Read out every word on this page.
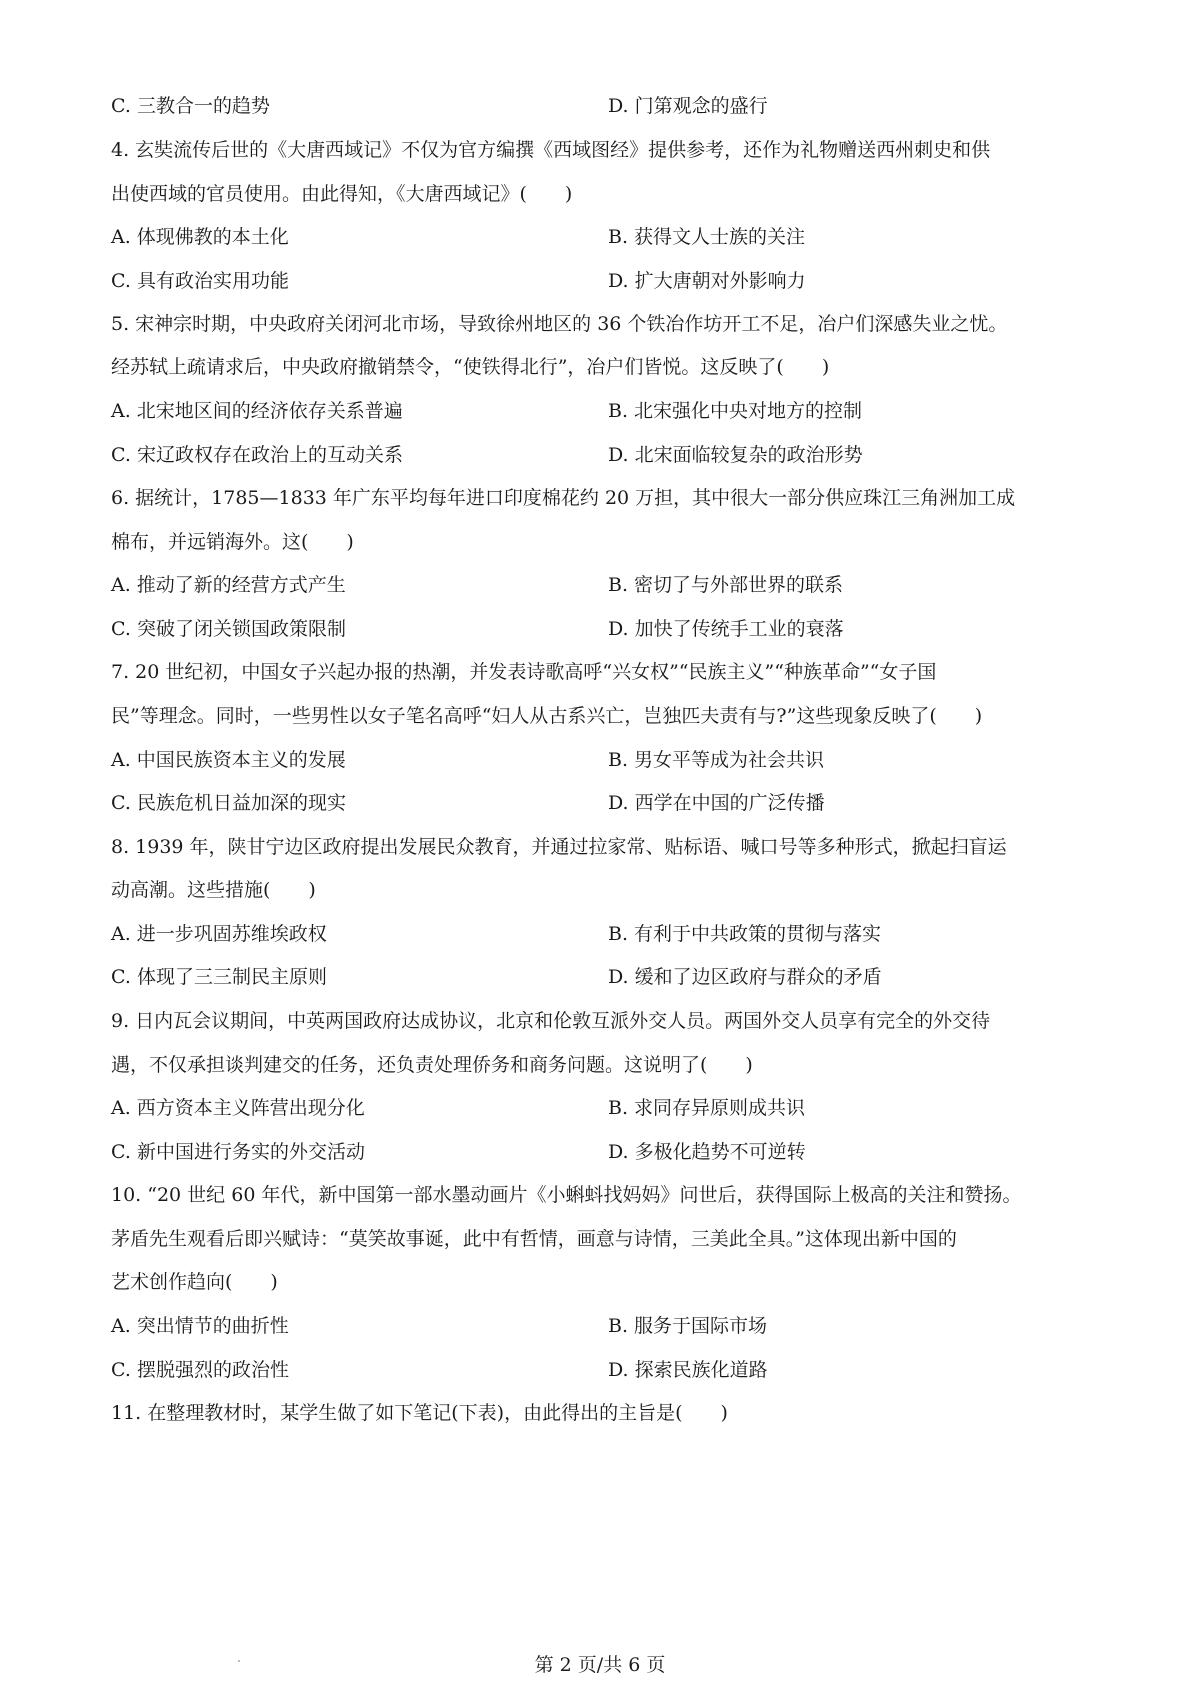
C. 三教合一的趋势	D. 门第观念的盛行
4. 玄奘流传后世的《大唐西域记》不仅为官方编撰《西域图经》提供参考，还作为礼物赠送西州刺史和供
出使西域的官员使用。由此得知，《大唐西域记》(　　)
A. 体现佛教的本土化	B. 获得文人士族的关注
C. 具有政治实用功能	D. 扩大唐朝对外影响力
5. 宋神宗时期，中央政府关闭河北市场，导致徐州地区的 36 个铁冶作坊开工不足，冶户们深感失业之忧。
经苏轼上疏请求后，中央政府撤销禁令，“使铁得北行”，冶户们皆悦。这反映了(　　)
A. 北宋地区间的经济依存关系普遍	B. 北宋强化中央对地方的控制
C. 宋辽政权存在政治上的互动关系	D. 北宋面临较复杂的政治形势
6. 据统计，1785—1833 年广东平均每年进口印度棉花约 20 万担，其中很大一部分供应珠江三角洲加工成
棉布，并远销海外。这(　　)
A. 推动了新的经营方式产生	B. 密切了与外部世界的联系
C. 突破了闭关锁国政策限制	D. 加快了传统手工业的衰落
7. 20 世纪初，中国女子兴起办报的热潮，并发表诗歌高呼“兴女权”“民族主义”“种族革命”“女子国
民”等理念。同时，一些男性以女子笔名高呼“妇人从古系兴亡，岂独匹夫责有与?”这些现象反映了(　　)
A. 中国民族资本主义的发展	B. 男女平等成为社会共识
C. 民族危机日益加深的现实	D. 西学在中国的广泛传播
8. 1939 年，陕甘宁边区政府提出发展民众教育，并通过拉家常、贴标语、喊口号等多种形式，掀起扫盲运
动高潮。这些措施(　　)
A. 进一步巩固苏维埃政权	B. 有利于中共政策的贯彻与落实
C. 体现了三三制民主原则	D. 缓和了边区政府与群众的矛盾
9. 日内瓦会议期间，中英两国政府达成协议，北京和伦敦互派外交人员。两国外交人员享有完全的外交待
遇，不仅承担谈判建交的任务，还负责处理侨务和商务问题。这说明了(　　)
A. 西方资本主义阵营出现分化	B. 求同存异原则成共识
C. 新中国进行务实的外交活动	D. 多极化趋势不可逆转
10. “20 世纪 60 年代，新中国第一部水墨动画片《小蝌蚪找妈妈》问世后，获得国际上极高的关注和赞扬。
茅盾先生观看后即兴赋诗：“莫笑故事诞，此中有哲情，画意与诗情，三美此全具。”这体现出新中国的
艺术创作趋向(　　)
A. 突出情节的曲折性	B. 服务于国际市场
C. 摆脱强烈的政治性	D. 探索民族化道路
11. 在整理教材时，某学生做了如下笔记(下表)，由此得出的主旨是(　　)
第 2 页/共 6 页
